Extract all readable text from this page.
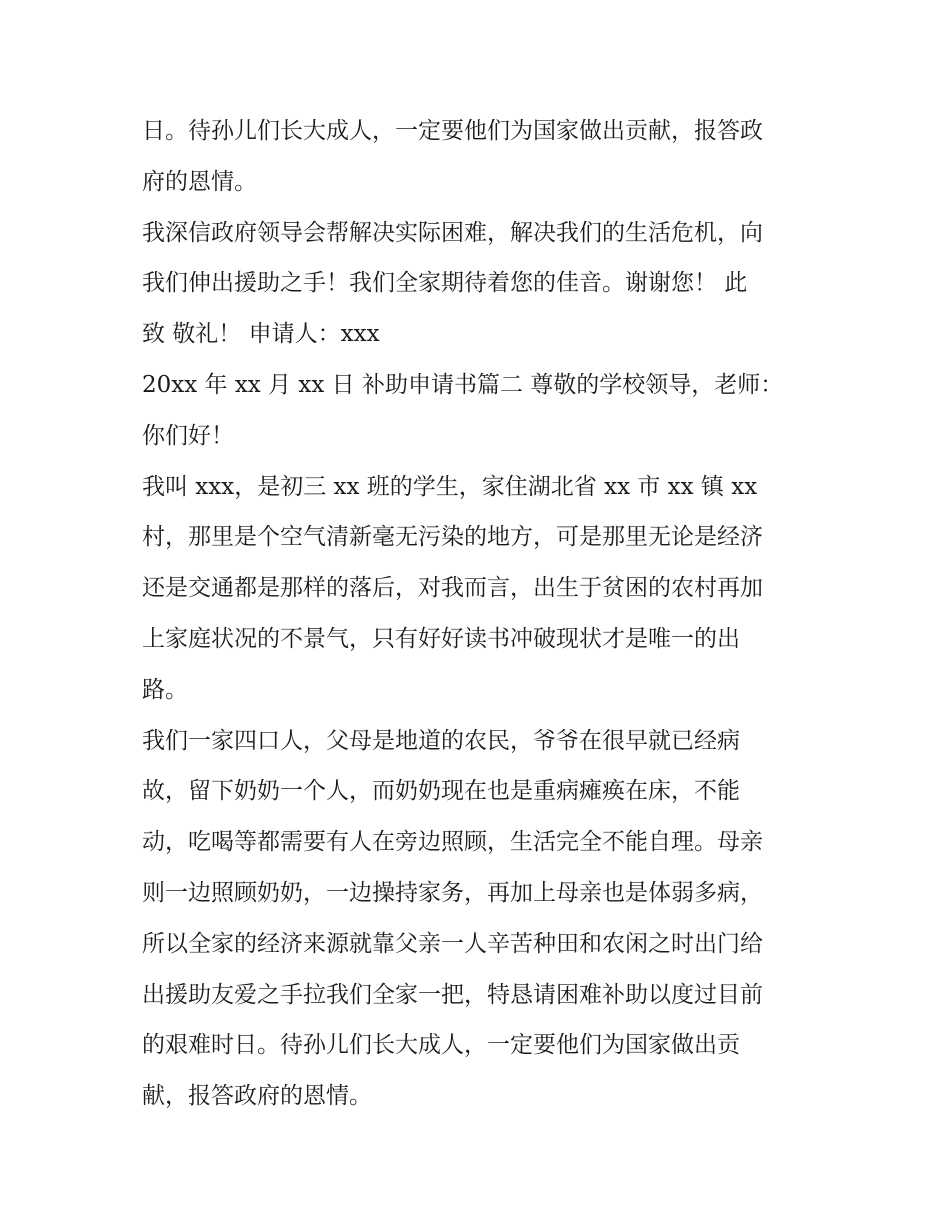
日。待孙儿们长大成人，一定要他们为国家做出贡献，报答政
府的恩情。
我深信政府领导会帮解决实际困难，解决我们的生活危机，向
我们伸出援助之手！我们全家期待着您的佳音。谢谢您！ 此
致 敬礼！ 申请人：xxx
20xx 年 xx 月 xx 日 补助申请书篇二 尊敬的学校领导，老师：
你们好！
我叫 xxx，是初三 xx 班的学生，家住湖北省 xx 市 xx 镇 xx
村，那里是个空气清新毫无污染的地方，可是那里无论是经济
还是交通都是那样的落后，对我而言，出生于贫困的农村再加
上家庭状况的不景气，只有好好读书冲破现状才是唯一的出
路。
我们一家四口人，父母是地道的农民，爷爷在很早就已经病
故，留下奶奶一个人，而奶奶现在也是重病瘫痪在床，不能
动，吃喝等都需要有人在旁边照顾，生活完全不能自理。母亲
则一边照顾奶奶，一边操持家务，再加上母亲也是体弱多病，
所以全家的经济来源就靠父亲一人辛苦种田和农闲之时出门给
出援助友爱之手拉我们全家一把，特恳请困难补助以度过目前
的艰难时日。待孙儿们长大成人，一定要他们为国家做出贡
献，报答政府的恩情。
